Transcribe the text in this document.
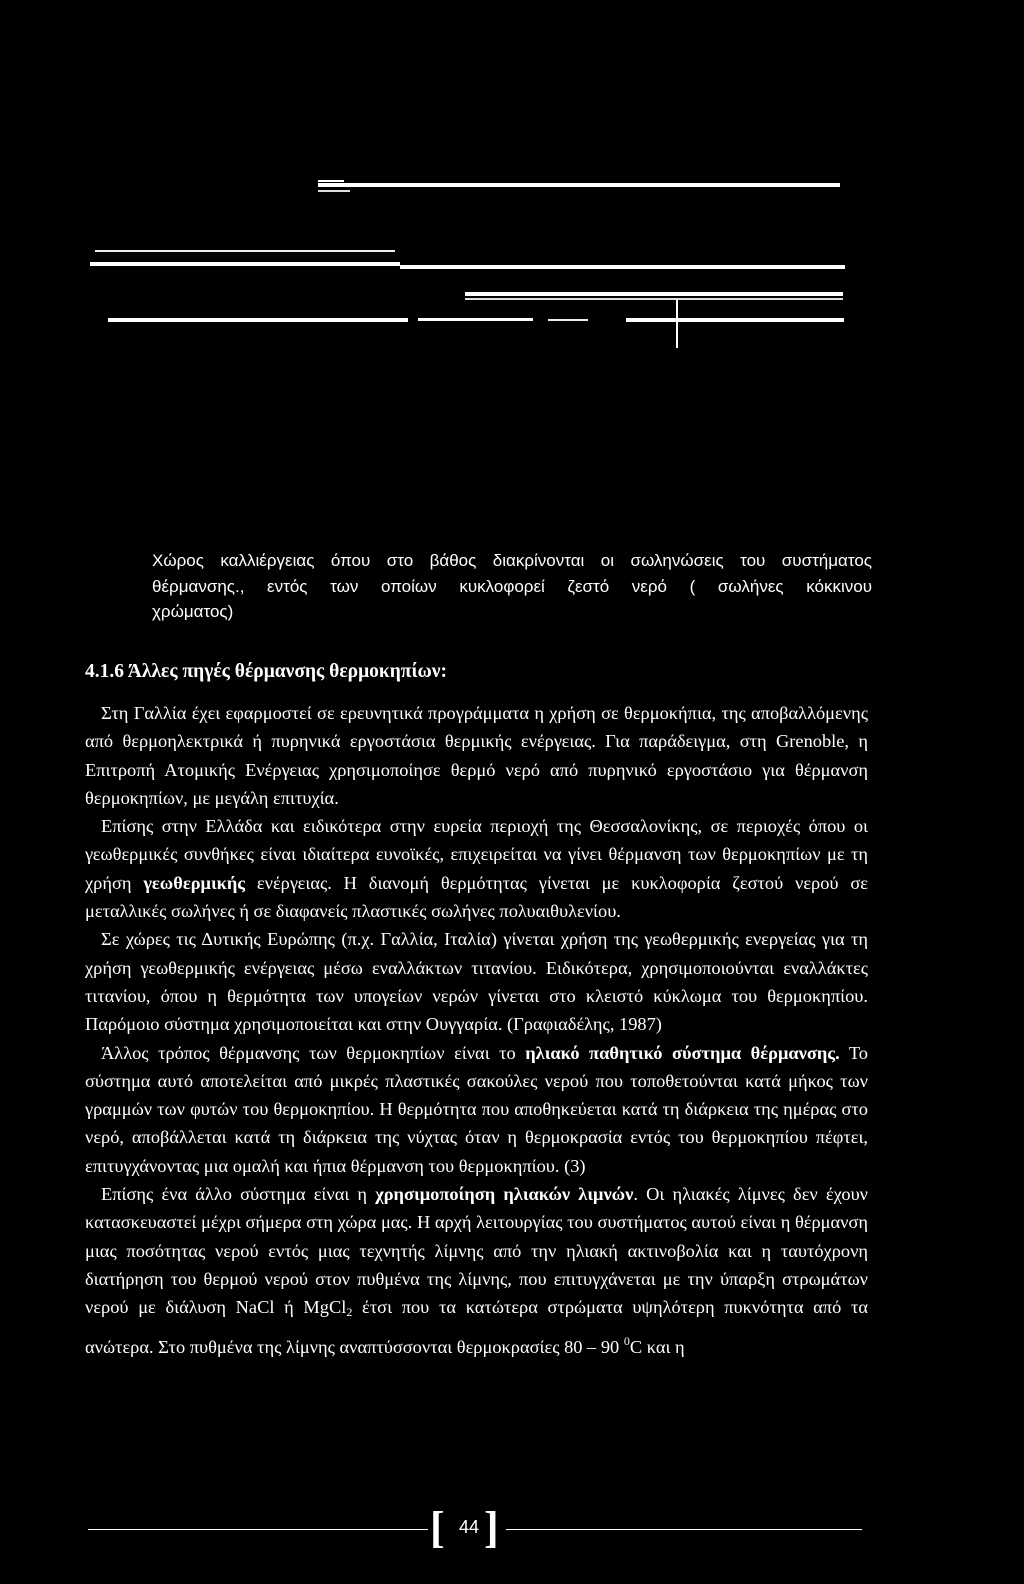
Χώρος καλλιέργειας όπου στο βάθος διακρίνονται οι σωληνώσεις του συστήματος
θέρμανσης., εντός των οποίων κυκλοφορεί ζεστό νερό ( σωλήνες κόκκινου
χρώματος)
4.1.6 Άλλες πηγές θέρμανσης θερμοκηπίων:

Στη Γαλλία έχει εφαρμοστεί σε ερευνητικά προγράμματα η χρήση σε θερμοκήπια, της αποβαλλόμενης από θερμοηλεκτρικά ή πυρηνικά εργοστάσια θερμικής ενέργειας. Για παράδειγμα, στη Grenoble, η Επιτροπή Ατομικής Ενέργειας χρησιμοποίησε θερμό νερό από πυρηνικό εργοστάσιο για θέρμανση θερμοκηπίων, με μεγάλη επιτυχία.

Επίσης στην Ελλάδα και ειδικότερα στην ευρεία περιοχή της Θεσσαλονίκης, σε περιοχές όπου οι γεωθερμικές συνθήκες είναι ιδιαίτερα ευνοϊκές, επιχειρείται να γίνει θέρμανση των θερμοκηπίων με τη χρήση γεωθερμικής ενέργειας. Η διανομή θερμότητας γίνεται με κυκλοφορία ζεστού νερού σε μεταλλικές σωλήνες ή σε διαφανείς πλαστικές σωλήνες πολυαιθυλενίου.

Σε χώρες τις Δυτικής Ευρώπης (π.χ. Γαλλία, Ιταλία) γίνεται χρήση της γεωθερμικής ενεργείας για τη χρήση γεωθερμικής ενέργειας μέσω εναλλάκτων τιτανίου. Ειδικότερα, χρησιμοποιούνται εναλλάκτες τιτανίου, όπου η θερμότητα των υπογείων νερών γίνεται στο κλειστό κύκλωμα του θερμοκηπίου. Παρόμοιο σύστημα χρησιμοποιείται και στην Ουγγαρία. (Γραφιαδέλης, 1987)

Άλλος τρόπος θέρμανσης των θερμοκηπίων είναι το ηλιακό παθητικό σύστημα θέρμανσης. Το σύστημα αυτό αποτελείται από μικρές πλαστικές σακούλες νερού που τοποθετούνται κατά μήκος των γραμμών των φυτών του θερμοκηπίου. Η θερμότητα που αποθηκεύεται κατά τη διάρκεια της ημέρας στο νερό, αποβάλλεται κατά τη διάρκεια της νύχτας όταν η θερμοκρασία εντός του θερμοκηπίου πέφτει, επιτυγχάνοντας μια ομαλή και ήπια θέρμανση του θερμοκηπίου. (3)

Επίσης ένα άλλο σύστημα είναι η χρησιμοποίηση ηλιακών λιμνών. Οι ηλιακές λίμνες δεν έχουν κατασκευαστεί μέχρι σήμερα στη χώρα μας. Η αρχή λειτουργίας του συστήματος αυτού είναι η θέρμανση μιας ποσότητας νερού εντός μιας τεχνητής λίμνης από την ηλιακή ακτινοβολία και η ταυτόχρονη διατήρηση του θερμού νερού στον πυθμένα της λίμνης, που επιτυγχάνεται με την ύπαρξη στρωμάτων νερού με διάλυση NaCl ή MgCl$_2$ έτσι που τα κατώτερα στρώματα υψηλότερη πυκνότητα από τα ανώτερα. Στο πυθμένα της λίμνης αναπτύσσονται θερμοκρασίες 80 – 90 $^0$C και η

[ 44 ]
